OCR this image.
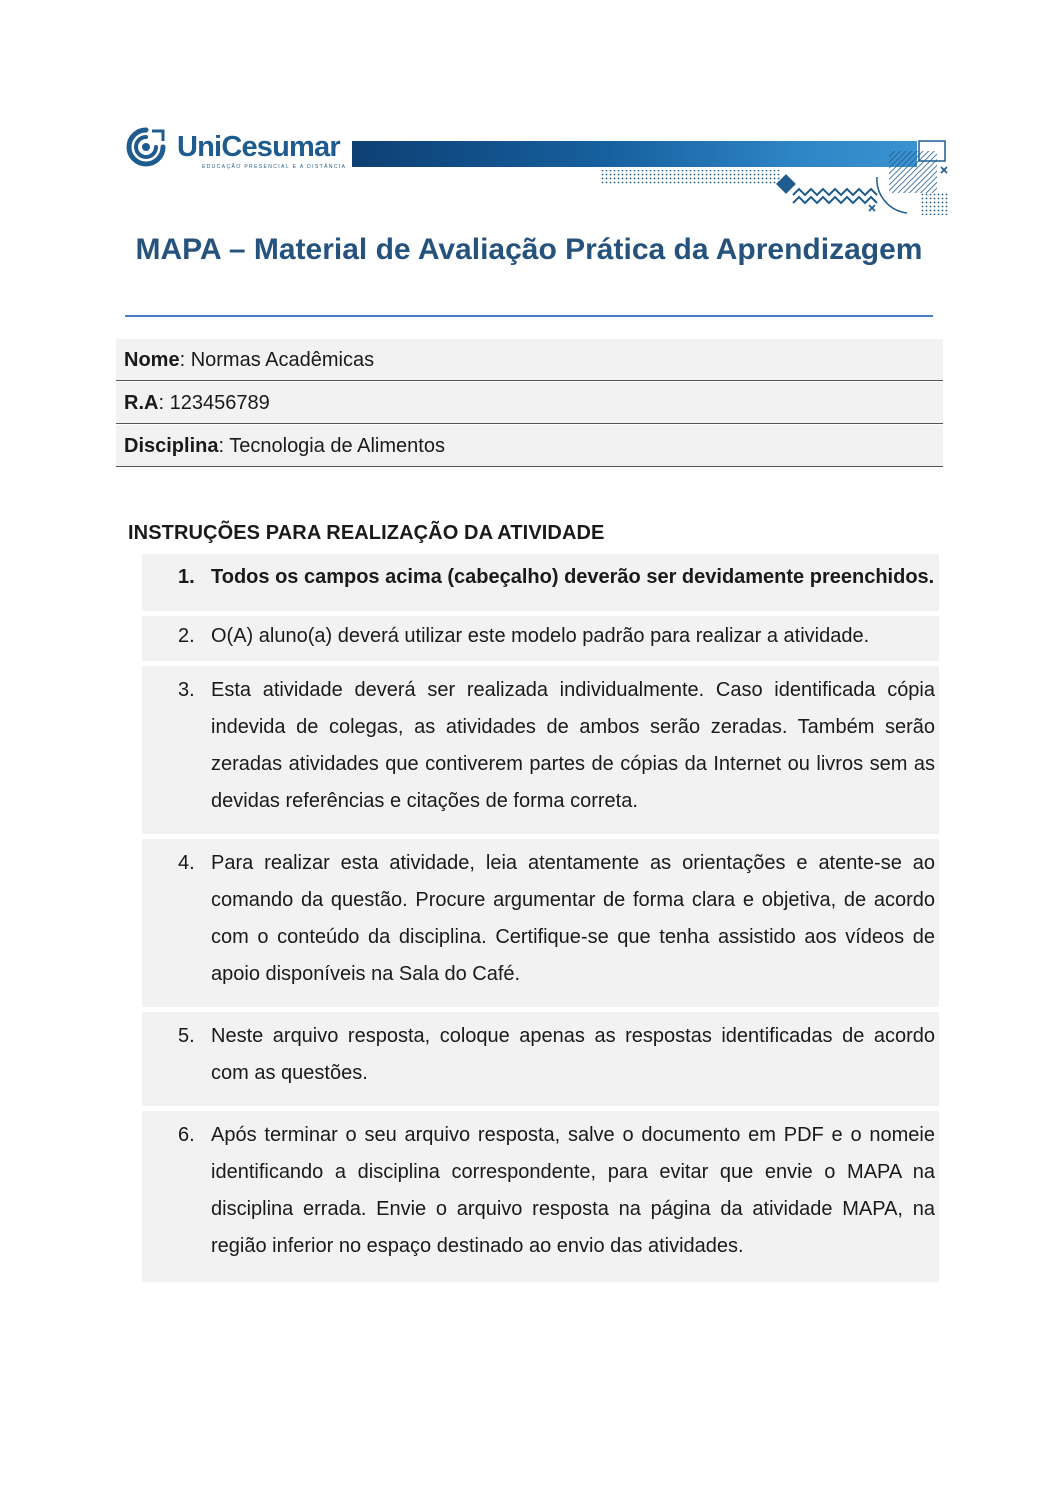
UniCesumar
EDUCAÇÃO PRESENCIAL E A DISTÂNCIA
MAPA – Material de Avaliação Prática da Aprendizagem
Nome: Normas Acadêmicas
R.A: 123456789
Disciplina: Tecnologia de Alimentos
INSTRUÇÕES PARA REALIZAÇÃO DA ATIVIDADE
1. Todos os campos acima (cabeçalho) deverão ser devidamente preenchidos.
2. O(A) aluno(a) deverá utilizar este modelo padrão para realizar a atividade.
3. Esta atividade deverá ser realizada individualmente. Caso identificada cópia indevida de colegas, as atividades de ambos serão zeradas. Também serão zeradas atividades que contiverem partes de cópias da Internet ou livros sem as devidas referências e citações de forma correta.
4. Para realizar esta atividade, leia atentamente as orientações e atente-se ao comando da questão. Procure argumentar de forma clara e objetiva, de acordo com o conteúdo da disciplina. Certifique-se que tenha assistido aos vídeos de apoio disponíveis na Sala do Café.
5. Neste arquivo resposta, coloque apenas as respostas identificadas de acordo com as questões.
6. Após terminar o seu arquivo resposta, salve o documento em PDF e o nomeie identificando a disciplina correspondente, para evitar que envie o MAPA na disciplina errada. Envie o arquivo resposta na página da atividade MAPA, na região inferior no espaço destinado ao envio das atividades.
